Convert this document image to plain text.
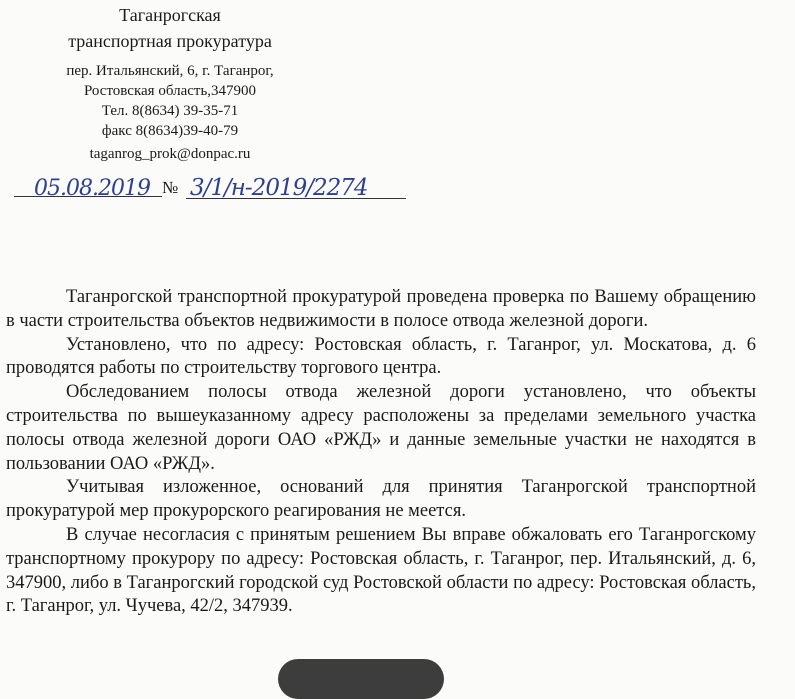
Таганрогская
транспортная прокуратура
пер. Итальянский, 6, г. Таганрог,
Ростовская область,347900
Тел. 8(8634) 39-35-71
факс 8(8634)39-40-79
taganrog_prok@donpac.ru
05.08.2019 № 3/1/н-2019/2274

Таганрогской транспортной прокуратурой проведена проверка по Вашему обращению в части строительства объектов недвижимости в полосе отвода железной дороги.

Установлено, что по адресу: Ростовская область, г. Таганрог, ул. Москатова, д. 6 проводятся работы по строительству торгового центра.

Обследованием полосы отвода железной дороги установлено, что объекты строительства по вышеуказанному адресу расположены за пределами земельного участка полосы отвода железной дороги ОАО «РЖД» и данные земельные участки не находятся в пользовании ОАО «РЖД».

Учитывая изложенное, оснований для принятия Таганрогской транспортной прокуратурой мер прокурорского реагирования не меется.

В случае несогласия с принятым решением Вы вправе обжаловать его Таганрогскому транспортному прокурору по адресу: Ростовская область, г. Таганрог, пер. Итальянский, д. 6, 347900, либо в Таганрогский городской суд Ростовской области по адресу: Ростовская область, г. Таганрог, ул. Чучева, 42/2, 347939.
